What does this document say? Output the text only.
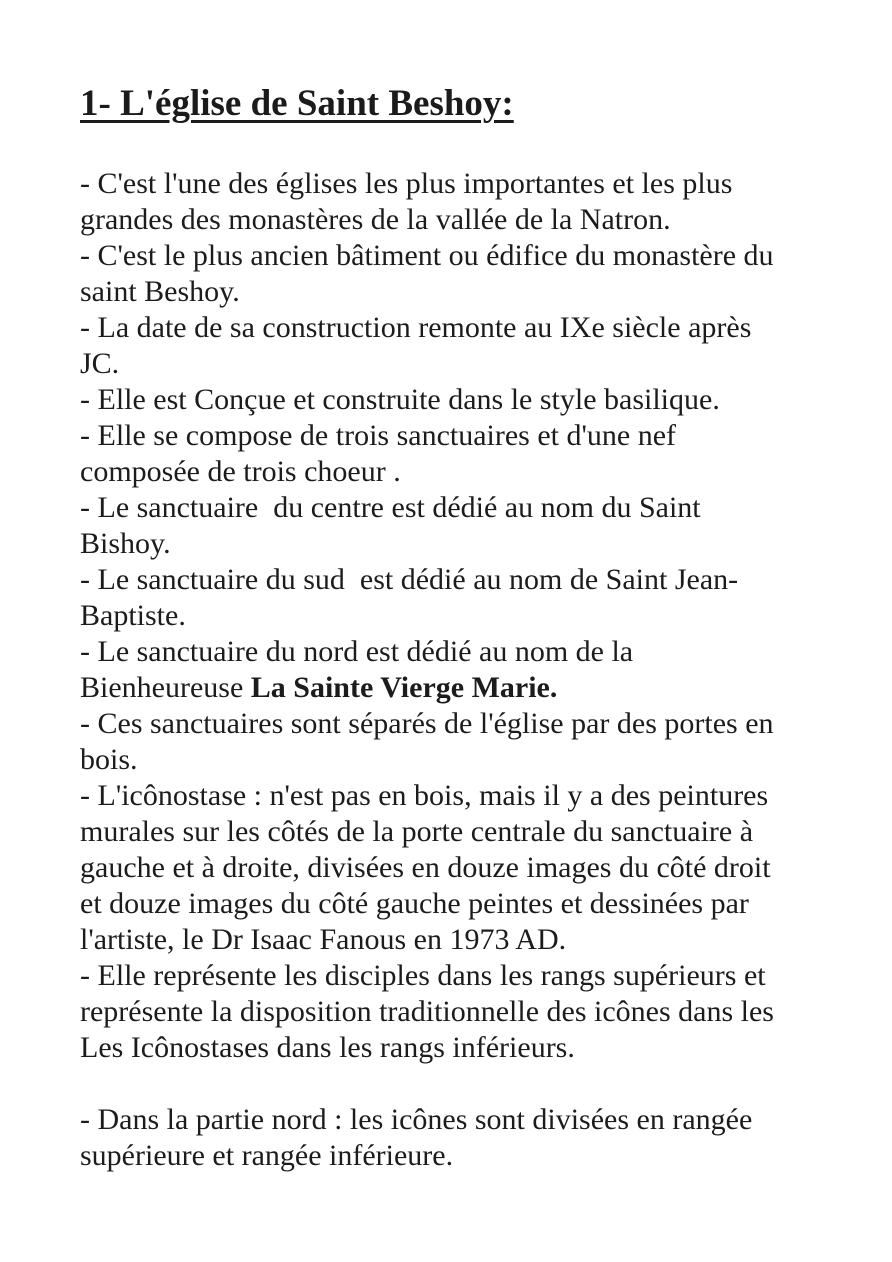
1- L'église de Saint Beshoy:
- C'est l'une des églises les plus importantes et les plus
grandes des monastères de la vallée de la Natron.
- C'est le plus ancien bâtiment ou édifice du monastère du
saint Beshoy.
- La date de sa construction remonte au IXe siècle après
JC.
- Elle est Conçue et construite dans le style basilique.
- Elle se compose de trois sanctuaires et d'une nef
composée de trois choeur .
- Le sanctuaire  du centre est dédié au nom du Saint
Bishoy.
- Le sanctuaire du sud  est dédié au nom de Saint Jean-
Baptiste.
- Le sanctuaire du nord est dédié au nom de la
Bienheureuse La Sainte Vierge Marie.
- Ces sanctuaires sont séparés de l'église par des portes en
bois.
- L'icônostase : n'est pas en bois, mais il y a des peintures
murales sur les côtés de la porte centrale du sanctuaire à
gauche et à droite, divisées en douze images du côté droit
et douze images du côté gauche peintes et dessinées par
l'artiste, le Dr Isaac Fanous en 1973 AD.
- Elle représente les disciples dans les rangs supérieurs et
représente la disposition traditionnelle des icônes dans les
Les Icônostases dans les rangs inférieurs.
- Dans la partie nord : les icônes sont divisées en rangée
supérieure et rangée inférieure.
